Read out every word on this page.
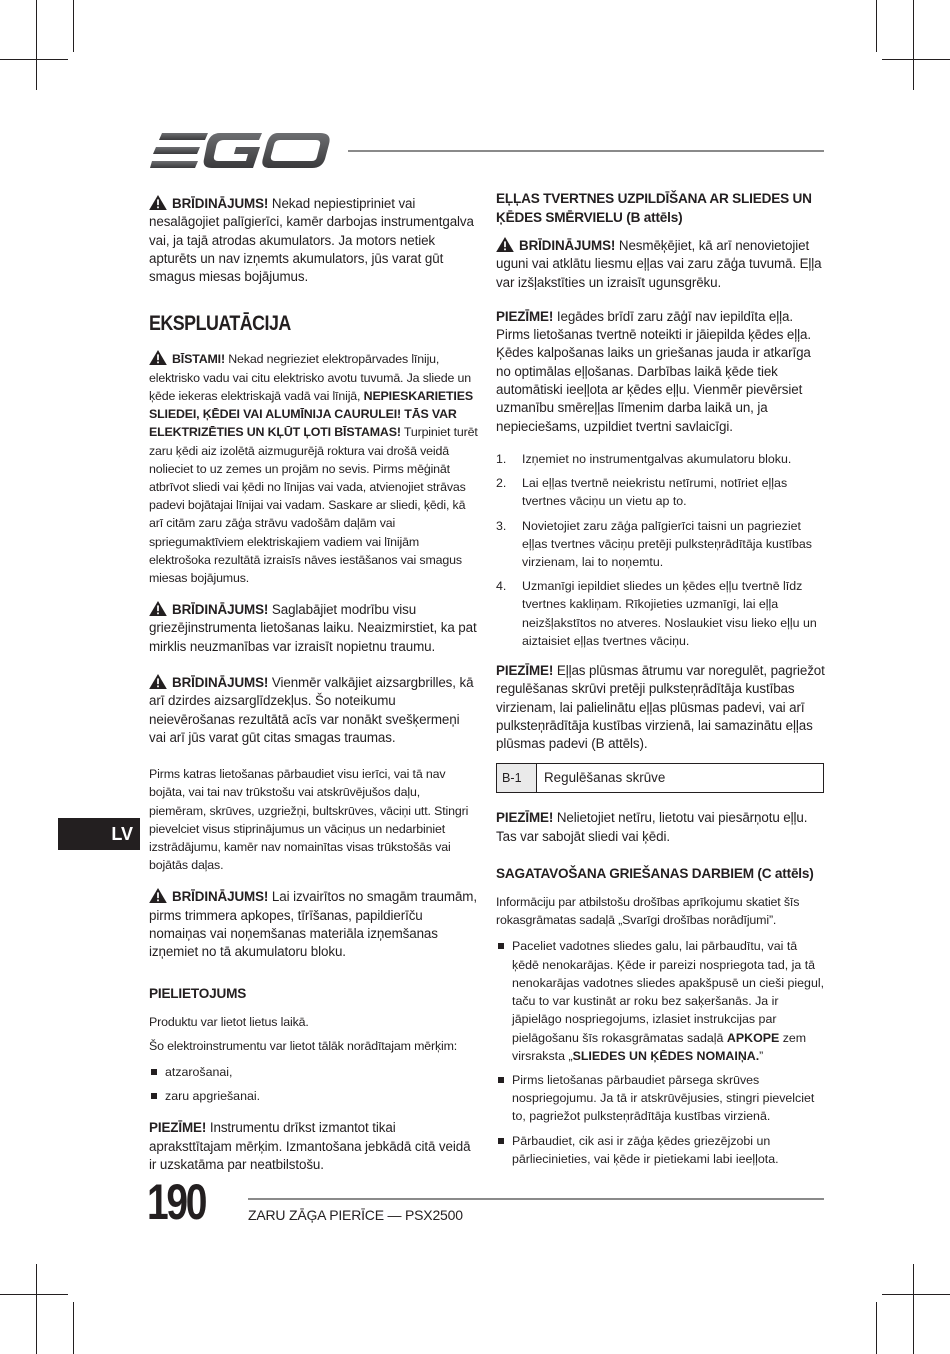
BRĪDINĀJUMS! Nekad nepiestipriniet vai nesalāgojiet palīgierīci, kamēr darbojas instrumentgalva vai, ja tajā atrodas akumulators. Ja motors netiek apturēts un nav izņemts akumulators, jūs varat gūt smagus miesas bojājumus.

EKSPLUATĀCIJA

BĪSTAMI! Nekad negrieziet elektropārvades līniju, elektrisko vadu vai citu elektrisko avotu tuvumā. Ja sliede un ķēde iekeras elektriskajā vadā vai līnijā, NEPIESKARIETIES SLIEDEI, ĶĒDEI VAI ALUMĪNIJA CAURULEI! TĀS VAR ELEKTRIZĒTIES UN KĻŪT ĻOTI BĪSTAMAS! Turpiniet turēt zaru ķēdi aiz izolētā aizmugurējā roktura vai drošā veidā nolieciet to uz zemes un projām no sevis. Pirms mēģināt atbrīvot sliedi vai ķēdi no līnijas vai vada, atvienojiet strāvas padevi bojātajai līnijai vai vadam. Saskare ar sliedi, ķēdi, kā arī citām zaru zāģa strāvu vadošām daļām vai spriegumaktīviem elektriskajiem vadiem vai līnijām elektrošoka rezultātā izraisīs nāves iestāšanos vai smagus miesas bojājumus.

BRĪDINĀJUMS! Saglabājiet modrību visu griezējinstrumenta lietošanas laiku. Neaizmirstiet, ka pat mirklis neuzmanības var izraisīt nopietnu traumu.

BRĪDINĀJUMS! Vienmēr valkājiet aizsargbrilles, kā arī dzirdes aizsarglīdzekļus. Šo noteikumu neievērošanas rezultātā acīs var nonākt svešķermeņi vai arī jūs varat gūt citas smagas traumas.

Pirms katras lietošanas pārbaudiet visu ierīci, vai tā nav bojāta, vai tai nav trūkstošu vai atskrūvējušos daļu, piemēram, skrūves, uzgriežņi, bultskrūves, vāciņi utt. Stingri pievelciet visus stiprinājumus un vāciņus un nedarbiniet izstrādājumu, kamēr nav nomainītas visas trūkstošās vai bojātās daļas.

BRĪDINĀJUMS! Lai izvairītos no smagām traumām, pirms trimmera apkopes, tīrīšanas, papildierīču nomaiņas vai noņemšanas materiāla izņemšanas izņemiet no tā akumulatoru bloku.

PIELIETOJUMS

Produktu var lietot lietus laikā.

Šo elektroinstrumentu var lietot tālāk norādītajam mērķim:

atzarošanai,
zaru apgriešanai.

PIEZĪME! Instrumentu drīkst izmantot tikai apraksttītajam mērķim. Izmantošana jebkādā citā veidā ir uzskatāma par neatbilstošu.

EĻĻAS TVERTNES UZPILDĪŠANA AR SLIEDES UN ĶĒDES SMĒRVIELU (B attēls)

BRĪDINĀJUMS! Nesmēķējiet, kā arī nenovietojiet uguni vai atklātu liesmu eļļas vai zaru zāģa tuvumā. Eļļa var izšļakstīties un izraisīt ugunsgrēku.

PIEZĪME! Iegādes brīdī zaru zāģī nav iepildīta eļļa. Pirms lietošanas tvertnē noteikti ir jāiepilda ķēdes eļļa. Ķēdes kalpošanas laiks un griešanas jauda ir atkarīga no optimālas eļļošanas. Darbības laikā ķēde tiek automātiski ieeļļota ar ķēdes eļļu. Vienmēr pievērsiet uzmanību smēreļļas līmenim darba laikā un, ja nepieciešams, uzpildiet tvertni savlaicīgi.

1. Izņemiet no instrumentgalvas akumulatoru bloku.
2. Lai eļļas tvertnē neiekristu netīrumi, notīriet eļļas tvertnes vāciņu un vietu ap to.
3. Novietojiet zaru zāģa palīgierīci taisni un pagrieziet eļļas tvertnes vāciņu pretēji pulksteņrādītāja kustības virzienam, lai to noņemtu.
4. Uzmanīgi iepildiet sliedes un ķēdes eļļu tvertnē līdz tvertnes kakliņam. Rīkojieties uzmanīgi, lai eļļa neizšļakstītos no atveres. Noslaukiet visu lieko eļļu un aiztaisiet eļļas tvertnes vāciņu.

PIEZĪME! Eļļas plūsmas ātrumu var noregulēt, pagriežot regulēšanas skrūvi pretēji pulksteņrādītāja kustības virzienam, lai palielinātu eļļas plūsmas padevi, vai arī pulksteņrādītāja kustības virzienā, lai samazinātu eļļas plūsmas padevi (B attēls).

B-1	Regulēšanas skrūve

PIEZĪME! Nelietojiet netīru, lietotu vai piesārņotu eļļu. Tas var sabojāt sliedi vai ķēdi.

SAGATAVOŠANA GRIEŠANAS DARBIEM (C attēls)

Informāciju par atbilstošu drošības aprīkojumu skatiet šīs rokasgrāmatas sadaļā „Svarīgi drošības norādījumi”.

Paceliet vadotnes sliedes galu, lai pārbaudītu, vai tā ķēdē nenokarājas. Ķēde ir pareizi nospriegota tad, ja tā nenokarājas vadotnes sliedes apakšpusē un cieši piegul, taču to var kustināt ar roku bez saķeršanās. Ja ir jāpielāgo nospriegojums, izlasiet instrukcijas par pielāgošanu šīs rokasgrāmatas sadaļā APKOPE zem virsraksta „SLIEDES UN ĶĒDES NOMAIŅA.”
Pirms lietošanas pārbaudiet pārsega skrūves nospriegojumu. Ja tā ir atskrūvējusies, stingri pievelciet to, pagriežot pulksteņrādītāja kustības virzienā.
Pārbaudiet, cik asi ir zāģa ķēdes griezējzobi un pārliecinieties, vai ķēde ir pietiekami labi ieeļļota.
LV
190	ZARU ZĀĢA PIERĪCE — PSX2500
